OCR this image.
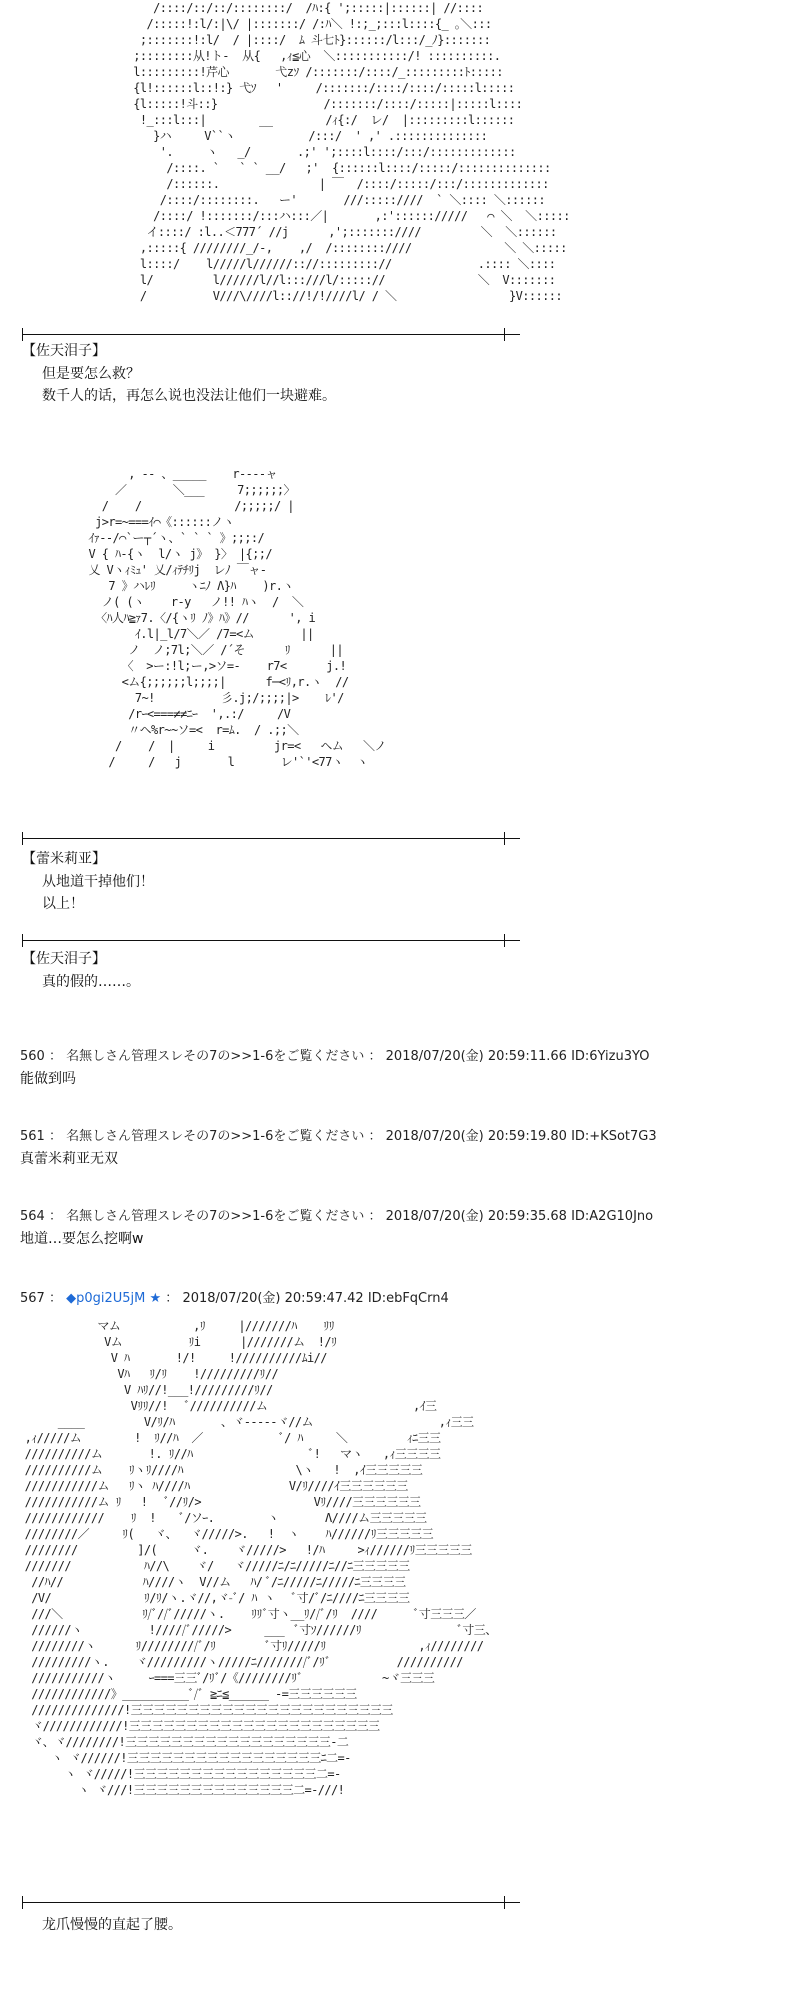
/::::/::/::/::::::::/  /ﾊ:{ ';:::::|::::::| //::::
/:::::!:l/:|\/ |:::::::/ /:ﾊ＼ !:;_;:::l::::{_ ｡＼:::
;:::::::!:l/  / |::::/  ﾑ 斗七ﾄ}::::::/l:::/_ﾉ}:::::::
;::::::::从!ト-  从{   ,ｨ≦心  ＼:::::::::::/! ::::::::::.
l:::::::::!芹心       弋zｿ /:::::::/::::/_:::::::::ﾄ:::::
{l!::::::l::!:} 弋ｿ   '     /:::::::/::::/::::/:::::l:::::
{l:::::!斗::}                /:::::::/::::/:::::|:::::l::::
!_:::l:::|        __        /ｨ{:/  レ/  |:::::::::l::::::
}ハ     V``ヽ           /:::/  ' ,' .::::::::::::::
'.     ヽ   _/       .;' ';::::l::::/:::/:::::::::::::
/::::. `   ` ` __/   ;'  {::::::l::::/:::::/::::::::::::::
/::::::.               | ￣  /::::/:::::/:::/:::::::::::::
/::::/::::::::.   ー'       ///:::::////  ` ＼:::: ＼::::::
/::::/ !:::::::/:::ハ:::／|       ,:':::::://///   ⌒ ＼  ＼:::::
イ::::/ :l..＜777´ //j      ,';:::::::////         ＼  ＼::::::
,:::::{ ////////_/-,    ,/  /::::::::////              ＼ ＼:::::
l::::/    l/////l//////:://::::::::://             .:::: ＼::::
l/         l//////l//l:::///l/::::://              ＼  V:::::::
/          V///\////l:://!/!////l/ / ＼                 }V::::::
【佐天泪子】
但是要怎么救？
数千人的话，再怎么说也没法让他们一块避难。
, -- 、_____    r‐‐‐-ャ
／       ＼___     7;;;;;;〉
/    /              /;;;;;/ |
j>r=~===ｲ⌒《::::::ノヽ
ｲｧ--/⌒`ー┬´ヽ、` ` ` 》;;;:/
V { ﾊ-{ヽ  l/ヽ j》 }〉 |{;;/
乂 Vヽｨﾐｭ' 乂/ｨﾃﾁﾘj  レﾉ ￣ャ-
7 》ハﾚﾘ     ヽﾆﾉ Λ}ﾊ    )r.ヽ
ノ( (ヽ    r-y   ノ!! ﾊヽ  /  ＼
〈ﾊ人ﾊ≧ｧ7.〈/{ヽﾘ ﾉ》ﾊ》//      ', i
ｲ.l|_l/7＼／ /7=<ム       ||
ノ  ノ;7l;＼／ /´そ      ﾘ      ||
〈  >ー:!l;ー,>ソ=-    r7<      j.!
<ム{;;;;;;l;;;;|      f─<ﾘ,r.ヽ  //
7~!          彡.j;/;;;;|>    ﾚ'/
/rｰ<===≠≠ﾆｰ  ',.:/     /V
〃ヘ%r~~ソ=<  r=ﾑ.  / .;;＼
/    /  |     i         jr=<   ヘム   ＼ノ
/     /   j       l       レ'`'<77ヽ  ヽ
【蕾米莉亚】
从地道干掉他们！
以上！
【佐天泪子】
真的假的……。
560 ： 名無しさん管理スレその7の>>1-6をご覧ください ： 2018/07/20(金) 20:59:11.66 ID:6Yizu3YO
能做到吗
561 ： 名無しさん管理スレその7の>>1-6をご覧ください ： 2018/07/20(金) 20:59:19.80 ID:+KSot7G3
真蕾米莉亚无双
564 ： 名無しさん管理スレその7の>>1-6をご覧ください ： 2018/07/20(金) 20:59:35.68 ID:A2G10Jno
地道…要怎么挖啊w
567 ： ◆p0gi2U5jM ★ ： 2018/07/20(金) 20:59:47.42 ID:ebFqCrn4
マム           ,ﾘ     |///////ﾊ    ﾘﾘ
Vム          ﾘi      |///////ム  !/ﾘ
V ﾊ       !/!     !//////////ﾑi//
Vﾊ   ﾘ/ﾘ    !/////////ﾘ//
V ﾊﾘ//!___!/////////ﾘ//
Vﾘﾘ//!   ﾞ//////////ム                      ,ｲ三
____         V/ﾘ/ﾊ       、ヾ-----ヾ//ム                   ,ｨ三三
,ｨ/////ム        !  ﾘ//ﾊ  ／            ﾞ/ ﾊ     ＼         ｨﾆ三三
//////////ム       !. ﾘ//ﾊ                  ﾞ!   マヽ   ,ｨ三三三三
//////////ム    ﾘヽﾘ////ﾊ                 \ヽ   !  ,ｲ三三三三三
///////////ム   ﾘヽ ﾊ////ﾊ               V/ﾘ////ｲ三三三三三三
///////////ム ﾘ   !   ﾞ//ﾘ/>                 Vﾘ////三三三三三三
////////////    ﾘ  !    ﾞ/ソｰ.        ヽ       Λ////ム三三三三三
////////／     ﾘ(   ヾ、  ヾ/////>.   !  ヽ    ﾊ//////ﾘ三三三三三
////////         ]/(     ヾ.    ヾ/////>   !/ﾊ     >ｨ//////ﾘ三三三三三
///////           ﾊ//\    ヾ/   ヾ/////ﾆ/ﾆ/////ﾆ//ﾆ三三三三三
//ﾊ//            ﾊ////ヽ  V//ム   ﾊ/ ﾞ/ﾆ/////ﾆ/////ﾆ三三三三
/V/              ﾘ/ﾘ/ヽ.ヾ//,ヾ-ﾞ/ ﾊ ヽ   ﾞ寸/ﾞ/ﾆ////ﾆ三三三三
///＼            ﾘ/ﾞ//ﾞ/////ヽ.    ﾘﾘﾞ寸ヽ__ﾘ//ﾞ/ﾘ  ////      ﾞ寸三三三／
//////ヽ          !/////ﾞ/////>     ___  ﾞ寸ｿ//////ﾘ               ﾞ寸三、
////////ヽ      ﾘ/////////ﾞ/ﾘ        ﾞ寸ﾘ/////ﾘ              ,ｨ////////
/////////ヽ.    ヾ/////////ヽ/////ﾆ////////ﾞ/ﾘﾞ          //////////
///////////ヽ     ｰ===三三ﾞ/ﾘﾞ/《////////ﾘﾞ            ~ヾ三三三
////////////》__________ﾞ/ﾞ ≧ﾆ≦______ -=三三三三三三
//////////////!三三三三三三三三三三三三三三三三三三三三三三三
ヾ////////////!三三三三三三三三三三三三三三三三三三三三三三
ヾ、ヾ////////!三三三三三三三三三三三三三三三三三三-二
ヽ ヾ//////!三三三三三三三三三三三三三三三三三ﾆ二=-
ヽ ヾ/////!三三三三三三三三三三三三三三三三二=-
ヽ ヾ///!三三三三三三三三三三三三三三二=-///!
龙爪慢慢的直起了腰。
